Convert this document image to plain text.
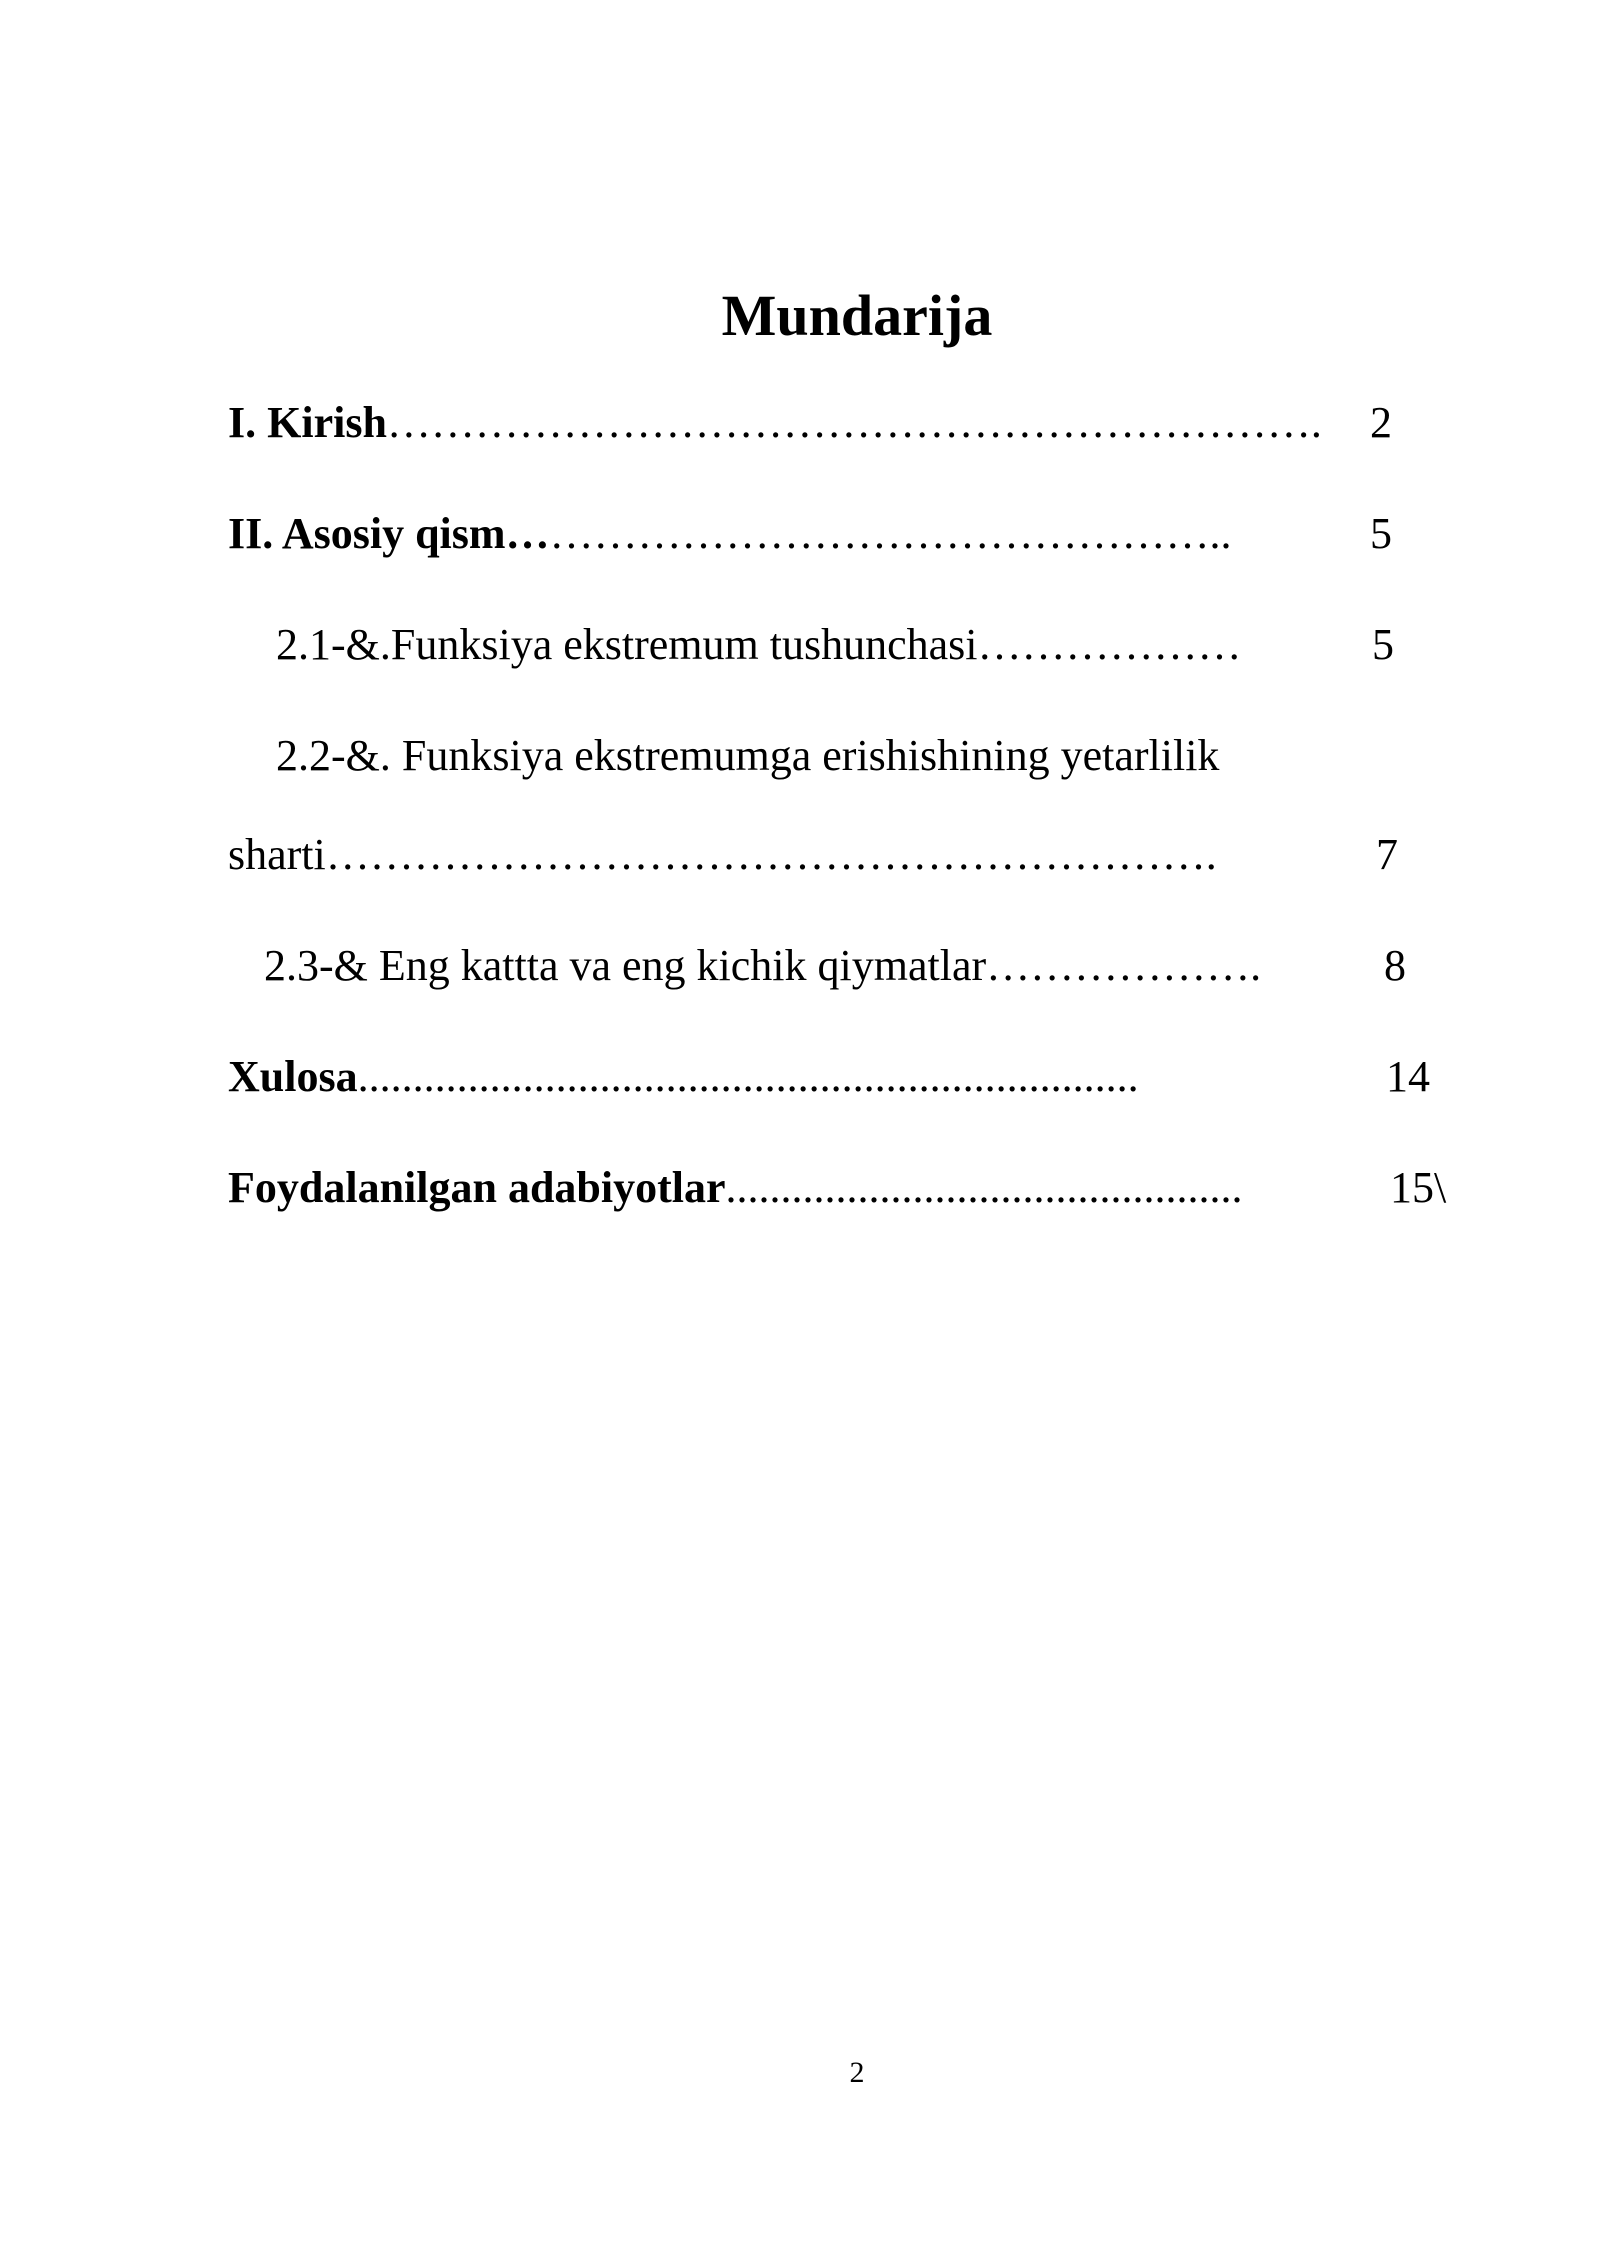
Mundarija
I. Kirish………………………………………………………. 2
II. Asosiy qism…………………………………………..	5
2.1-&.Funksiya ekstremum tushunchasi………………	5
2.2-&. Funksiya ekstremumga erishishining yetarlilik
sharti…………………………………………………….	7
2.3-& Eng kattta va eng kichik qiymatlar……………….	8
Xulosa.......................................................................	14
Foydalanilgan adabiyotlar...............................................	15\
2
